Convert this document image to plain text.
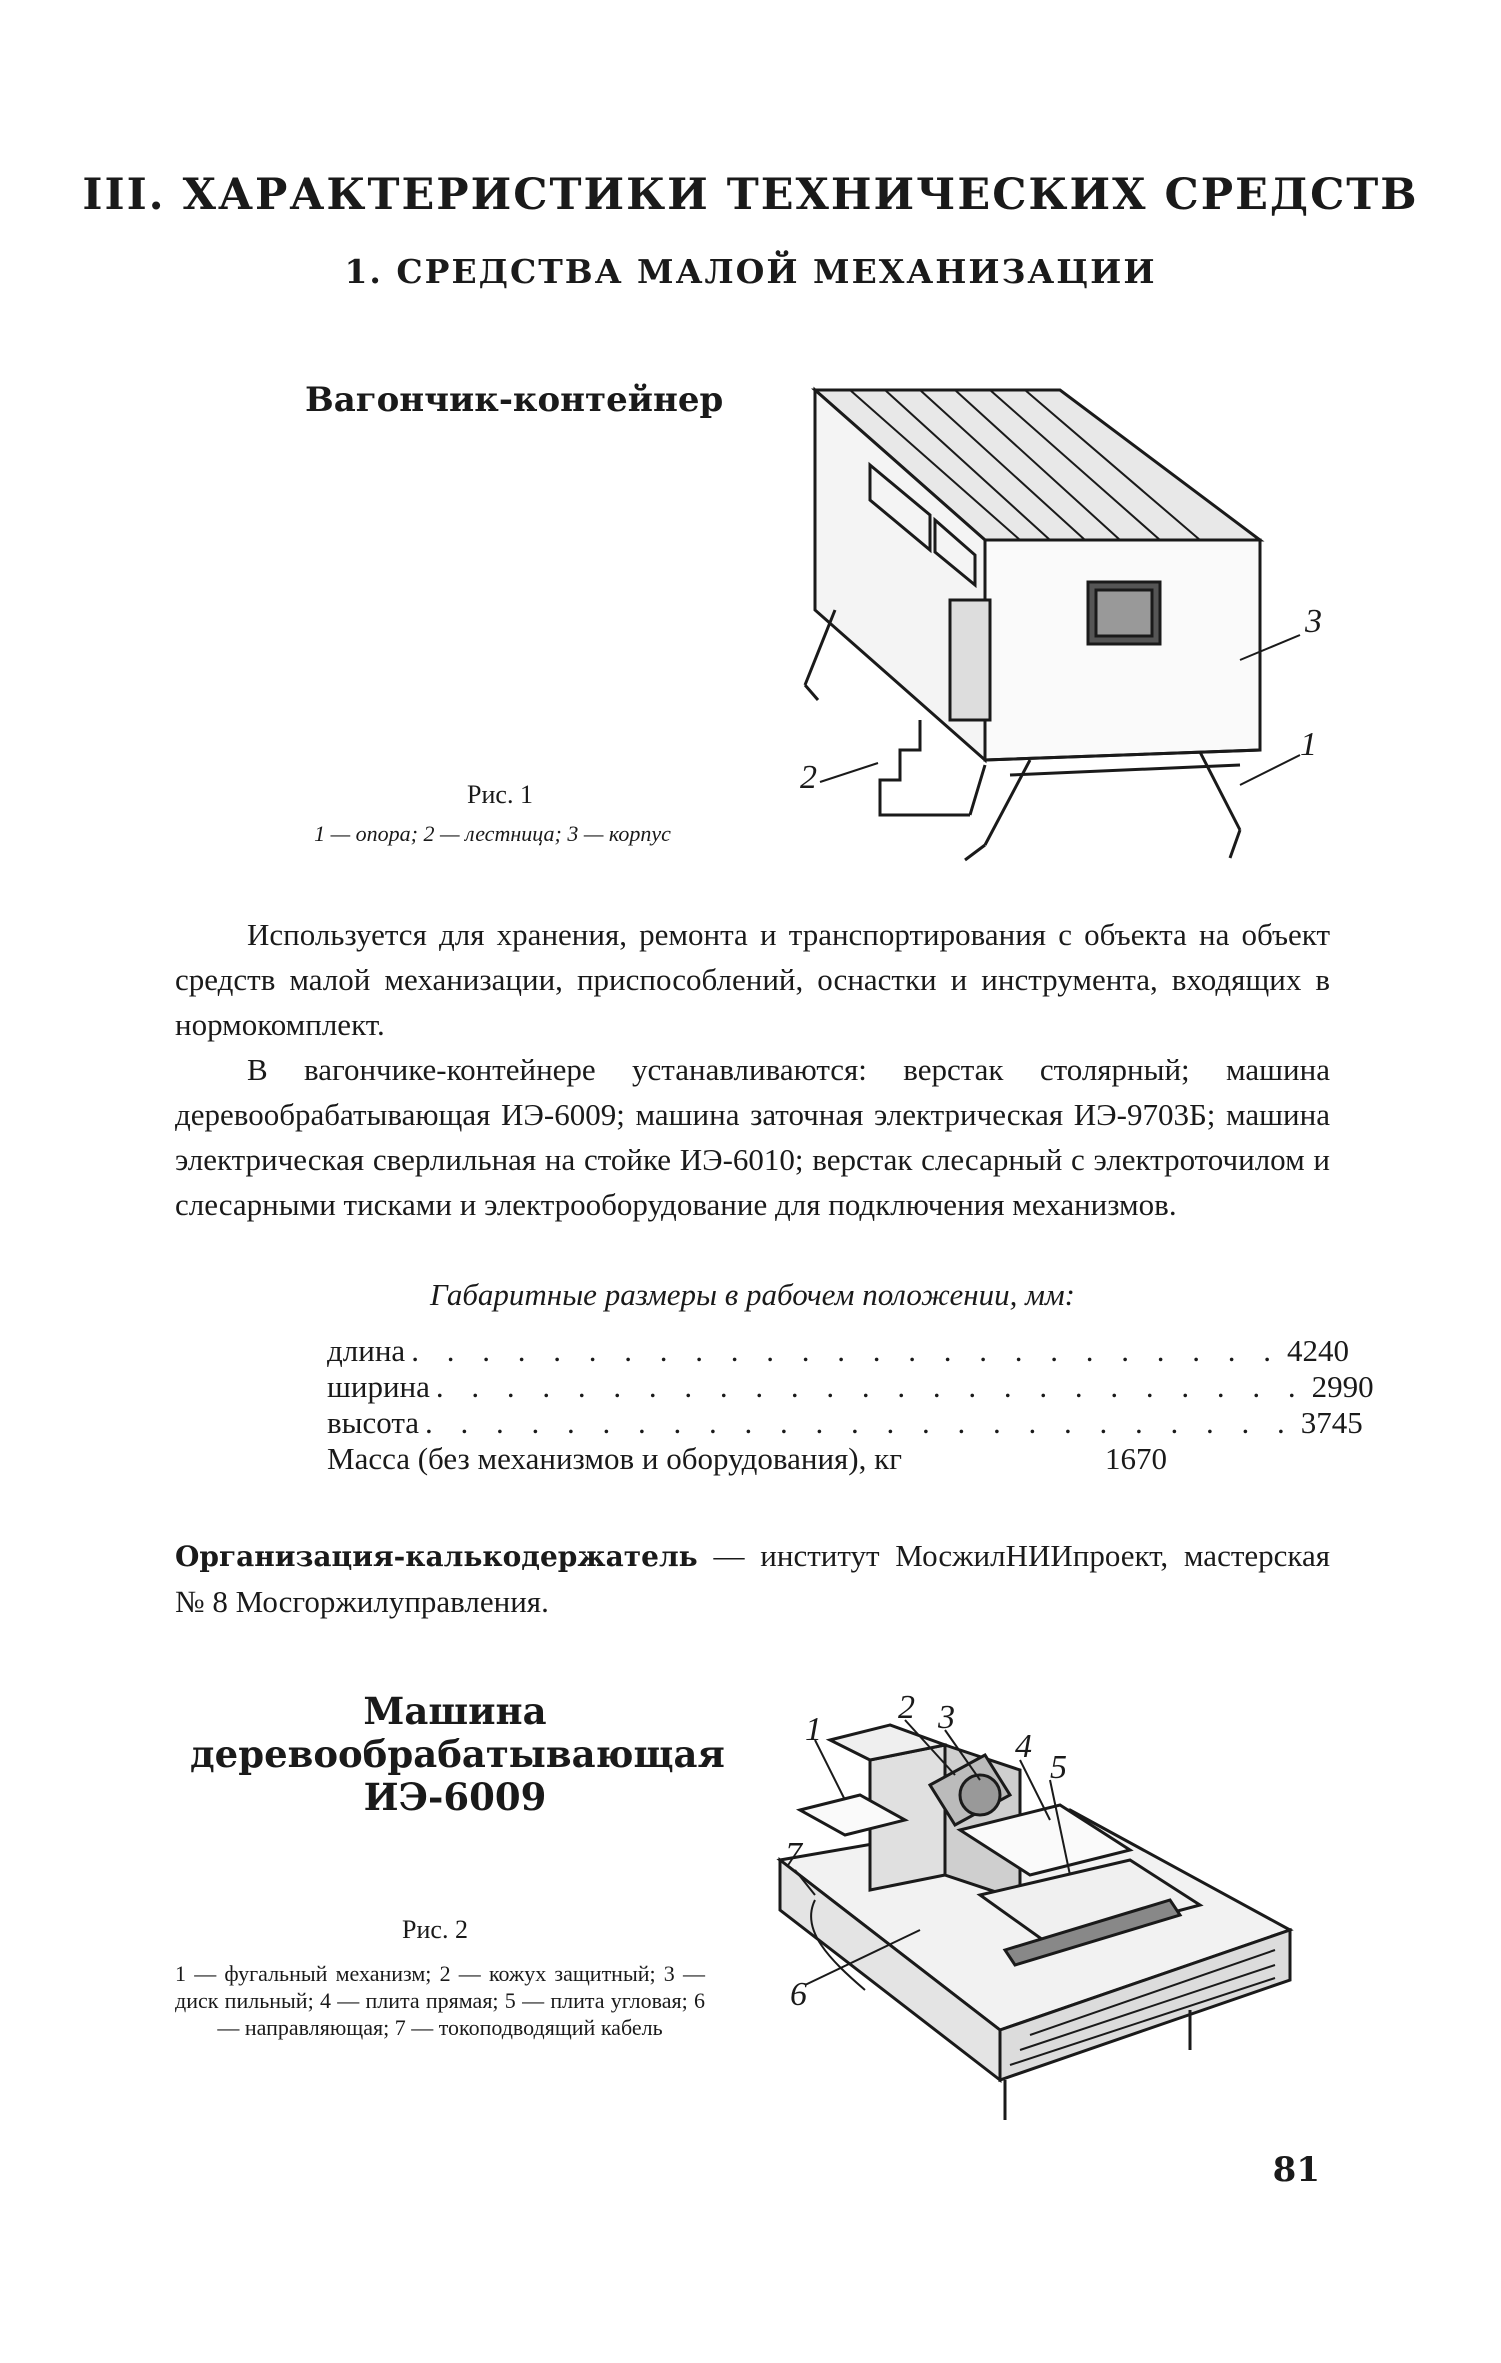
III. ХАРАКТЕРИСТИКИ ТЕХНИЧЕСКИХ СРЕДСТВ
1. СРЕДСТВА МАЛОЙ МЕХАНИЗАЦИИ
Вагончик-контейнер
3
1
2
Рис. 1
1 — опора; 2 — лестница; 3 — корпус

Используется для хранения, ремонта и транспортирования с объекта на объект средств малой механизации, приспособлений, оснастки и инструмента, входящих в нормокомплект.

В вагончике-контейнере устанавливаются: верстак столярный; машина деревообрабатывающая ИЭ-6009; машина заточная электрическая ИЭ-9703Б; машина электрическая сверлильная на стойке ИЭ-6010; верстак слесарный с электроточилом и слесарными тисками и электрооборудование для подключения механизмов.

Габаритные размеры в рабочем положении, мм:
длина . . . . . . . . . . . . . . . . . . . . . . . . . 4240
ширина . . . . . . . . . . . . . . . . . . . . . . . . . 2990
высота . . . . . . . . . . . . . . . . . . . . . . . . . 3745
Масса (без механизмов и оборудования), кг	1670
Организация-калькодержатель — институт МосжилНИИпроект, мастерская № 8 Мосгоржилуправления.
Машина
деревообрабатывающая
ИЭ-6009
1
2 3
4
5
6
7
Рис. 2
1 — фугальный механизм; 2 — кожух защитный; 3 — диск пильный; 4 — плита прямая; 5 — плита угловая; 6 — направляющая; 7 — токоподводящий кабель
81
